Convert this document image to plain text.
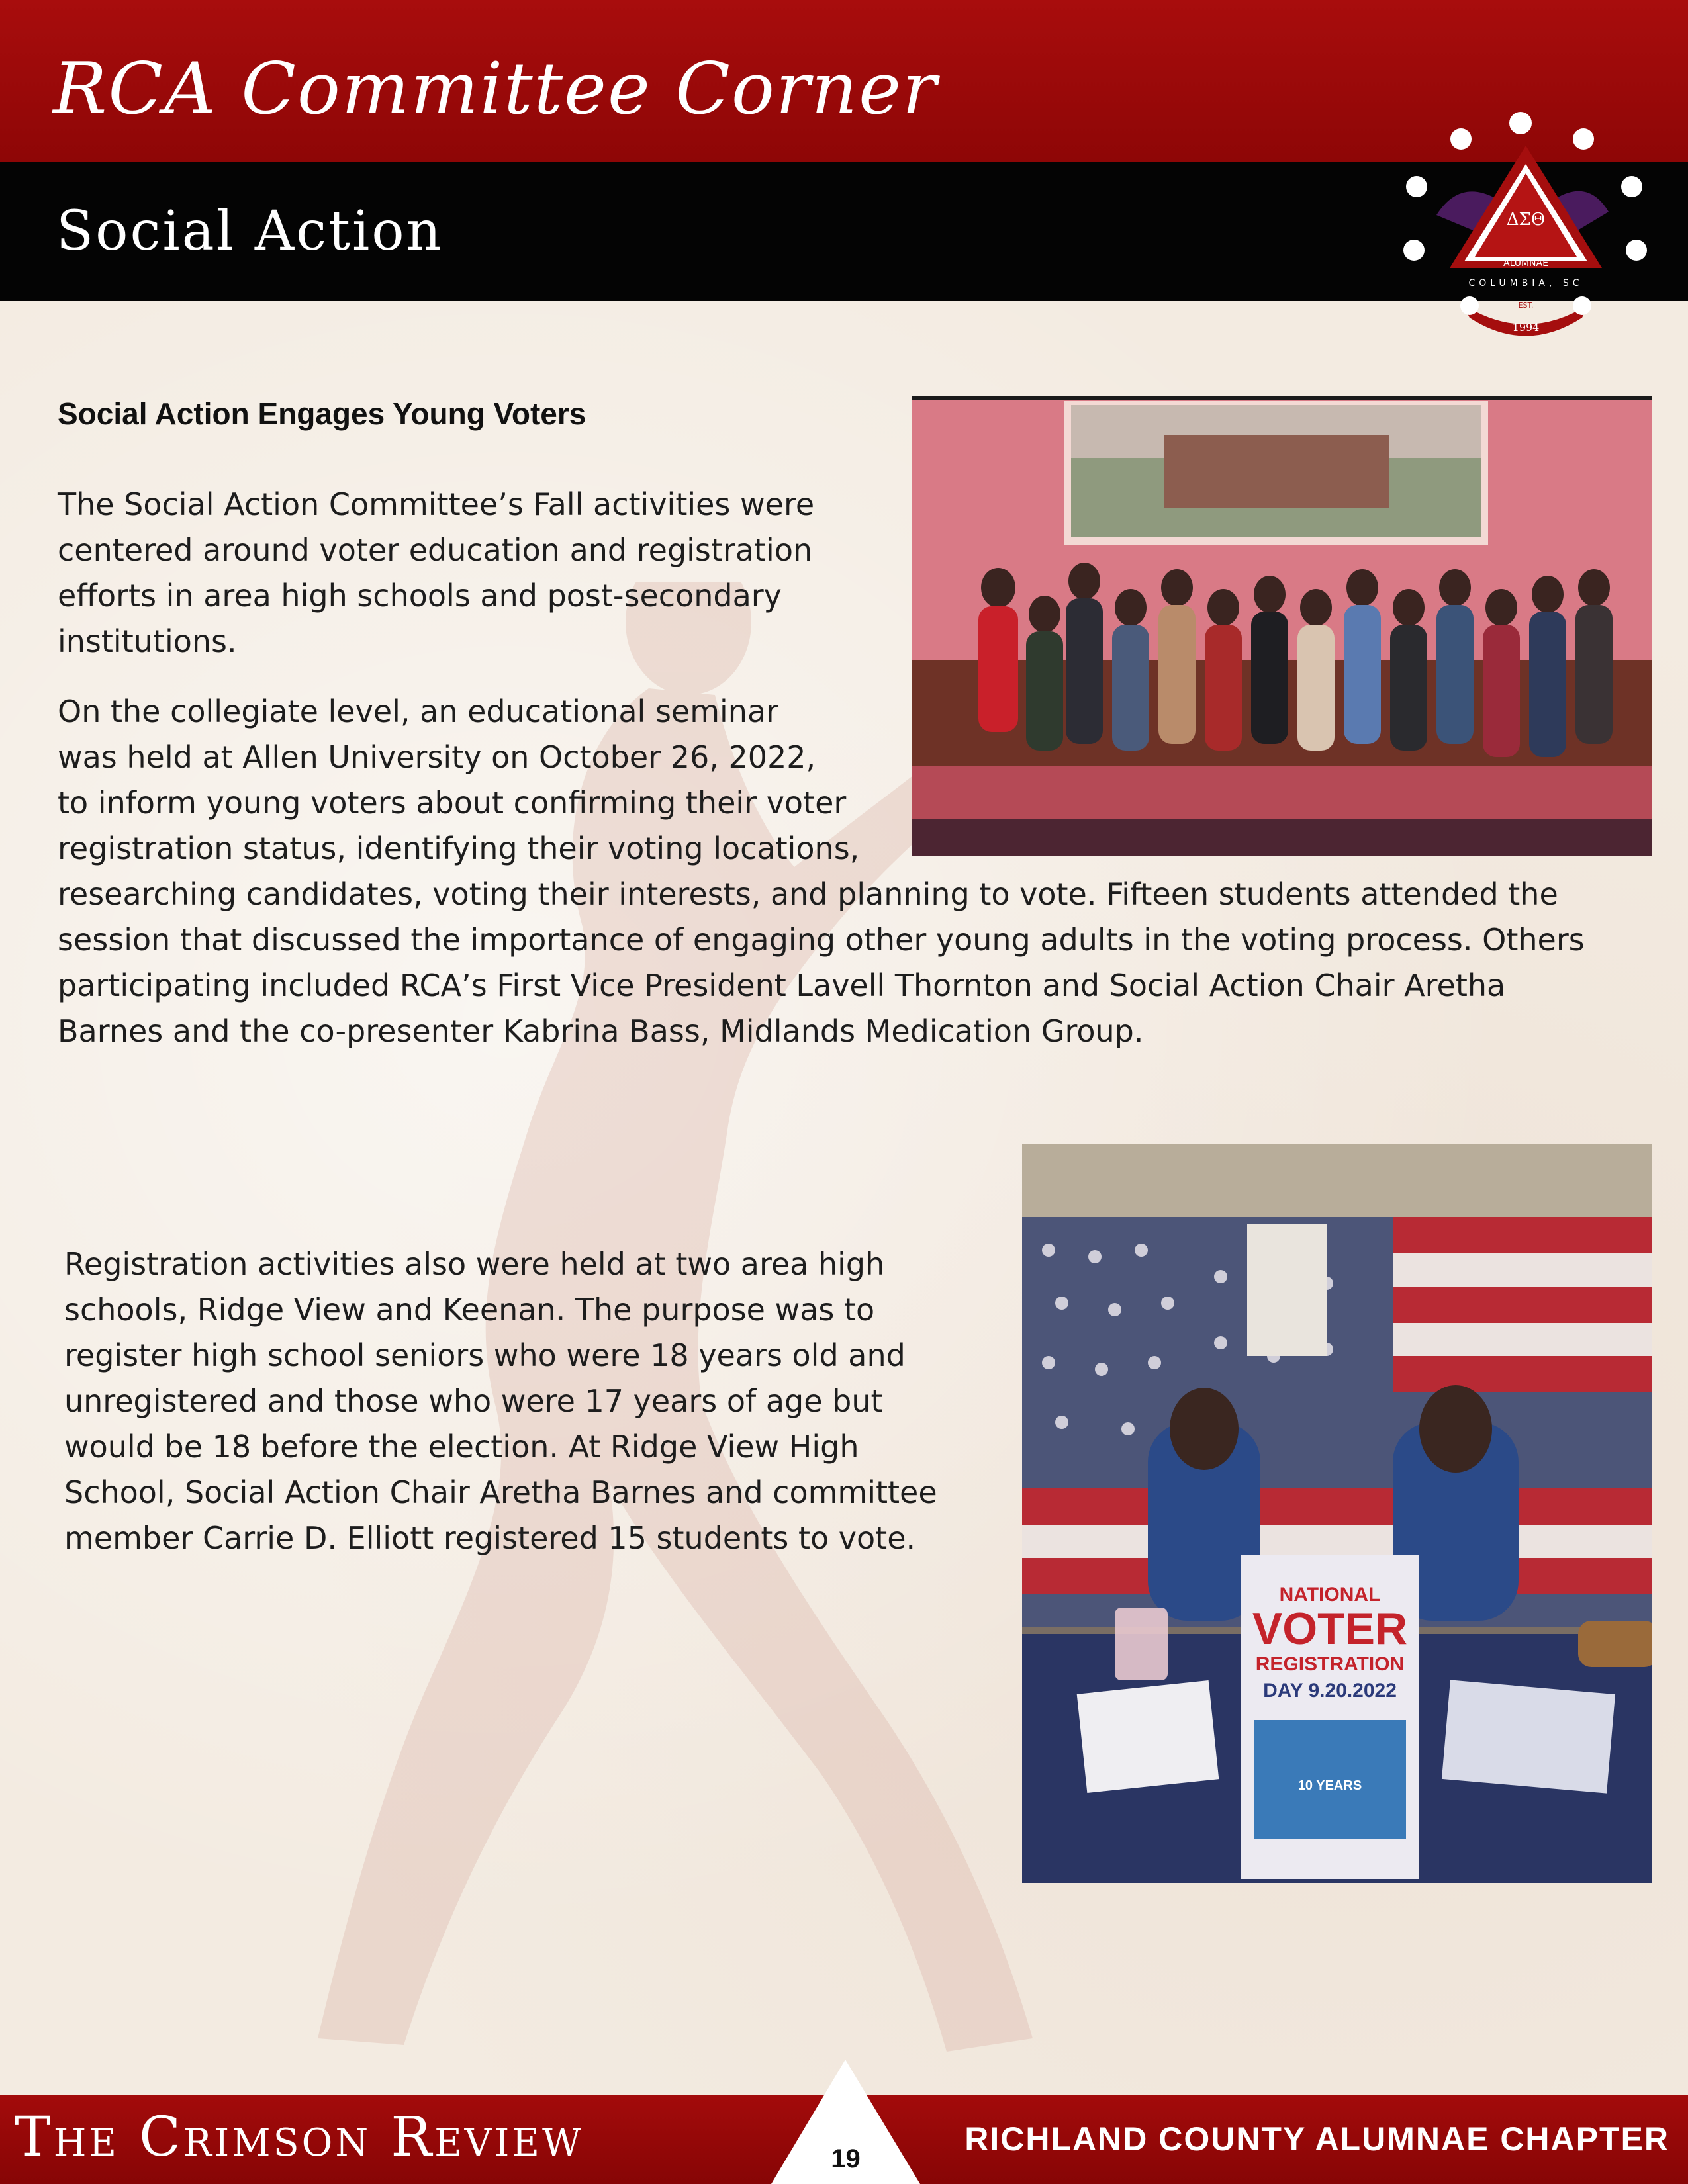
RCA Committee Corner
Social Action	ΔΣΘ
ALUMNAE
COLUMBIA, SC
EST.
1994
Social Action Engages Young Voters
The Social Action Committee’s Fall activities were
centered around voter education and registration
efforts in area high schools and post-secondary
institutions.
On the collegiate level, an educational seminar
was held at Allen University on October 26, 2022,
to inform young voters about confirming their voter
registration status, identifying their voting locations,
researching candidates, voting their interests, and planning to vote. Fifteen students attended the
session that discussed the importance of engaging other young adults in the voting process. Others
participating included RCA’s First Vice President Lavell Thornton and Social Action Chair Aretha
Barnes and the co-presenter Kabrina Bass, Midlands Medication Group.
Registration activities also were held at two area high
schools, Ridge View and Keenan. The purpose was to
register high school seniors who were 18 years old and
unregistered and those who were 17 years of age but
would be 18 before the election. At Ridge View High
School, Social Action Chair Aretha Barnes and committee
member Carrie D. Elliott registered 15 students to vote.
NATIONAL
VOTER
REGISTRATION
DAY 9.20.2022
10 YEARS
The Crimson Review	19
RICHLAND COUNTY ALUMNAE CHAPTER
